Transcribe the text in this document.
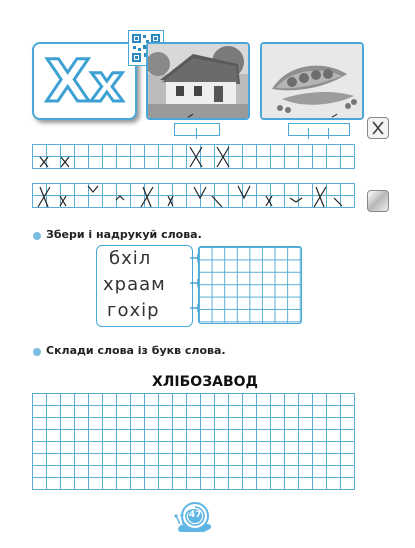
Xx
Збери і надрукуй слова.
бхіл
храам
гохір
Склади слова із букв слова.
ХЛІБОЗАВОД
47
